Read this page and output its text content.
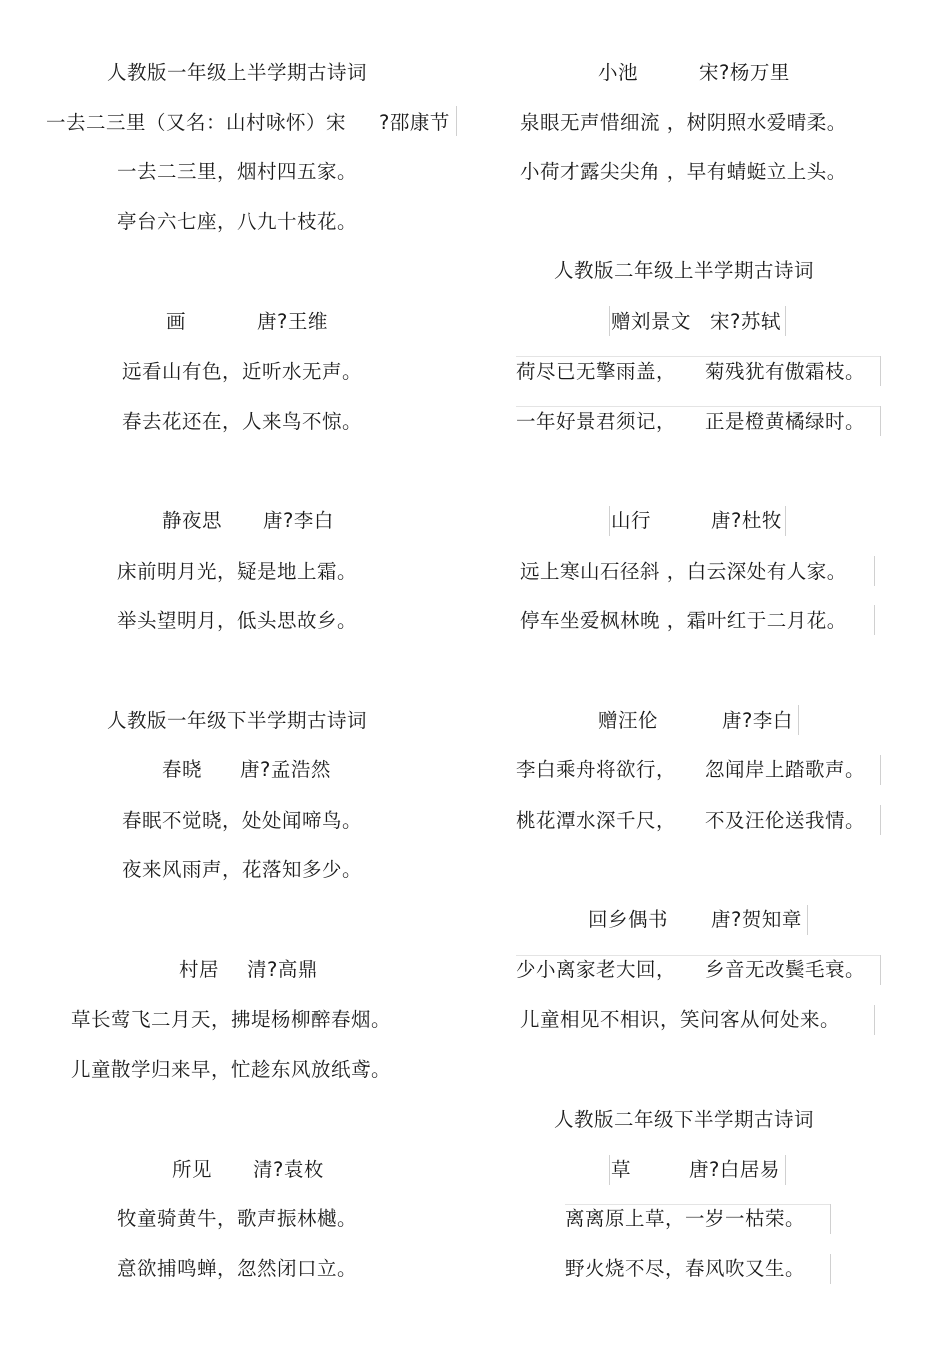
人教版一年级上半学期古诗词
一去二三里（又名：山村咏怀）宋 ?邵康节
一去二三里，烟村四五家。
亭台六七座，八九十枝花。
画	唐?王维
远看山有色，近听水无声。
春去花还在，人来鸟不惊。
静夜思 唐?李白
床前明月光，疑是地上霜。
举头望明月，低头思故乡。
人教版一年级下半学期古诗词
春晓 唐?孟浩然
春眠不觉晓，处处闻啼鸟。
夜来风雨声，花落知多少。
村居 清?高鼎
草长莺飞二月天，拂堤杨柳醉春烟。
儿童散学归来早，忙趁东风放纸鸢。
所见 清?袁枚
牧童骑黄牛，歌声振林樾。
意欲捕鸣蝉，忽然闭口立。
小池	宋?杨万里
泉眼无声惜细流 ，树阴照水爱晴柔。
小荷才露尖尖角 ，早有蜻蜓立上头。
人教版二年级上半学期古诗词
赠刘景文 宋?苏轼
荷尽已无擎雨盖， 菊残犹有傲霜枝。
一年好景君须记， 正是橙黄橘绿时。
山行	唐?杜牧
远上寒山石径斜 ，白云深处有人家。
停车坐爱枫林晚 ，霜叶红于二月花。
赠汪伦	唐?李白
李白乘舟将欲行， 忽闻岸上踏歌声。
桃花潭水深千尺， 不及汪伦送我情。
回乡偶书 唐?贺知章
少小离家老大回， 乡音无改鬓毛衰。
儿童相见不相识，笑问客从何处来。
人教版二年级下半学期古诗词
草	唐?白居易
离离原上草，一岁一枯荣。
野火烧不尽，春风吹又生。
